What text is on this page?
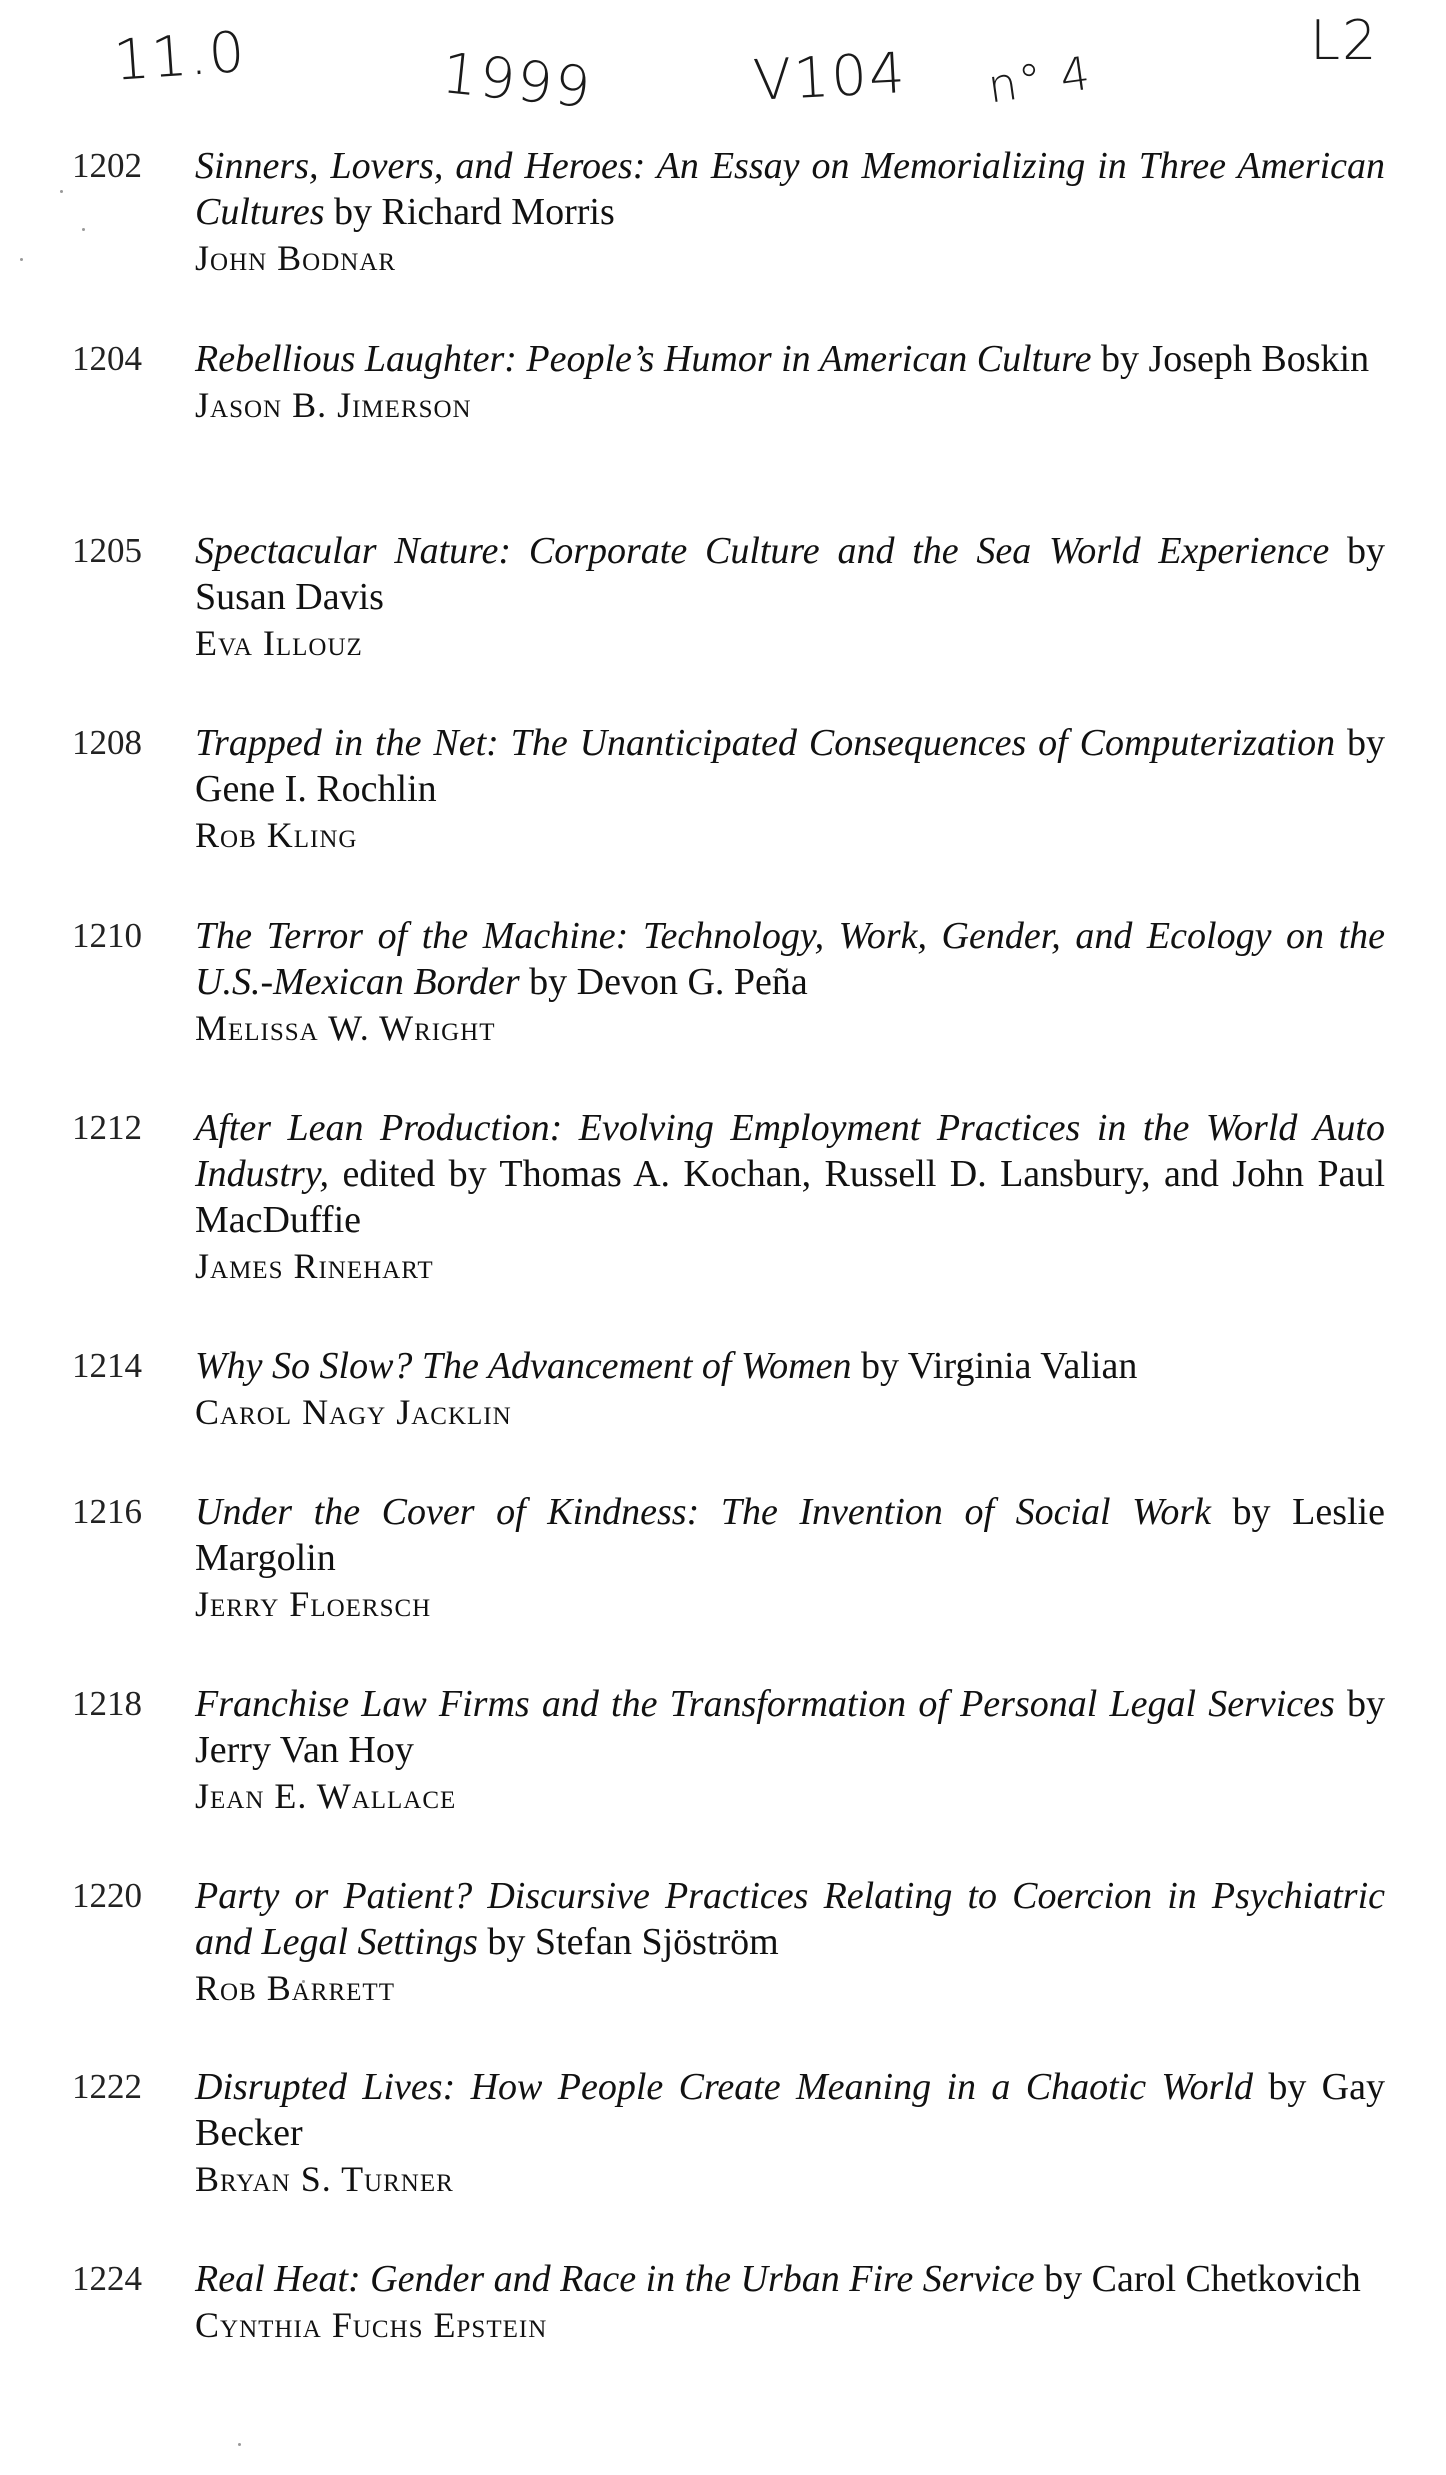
11.0	1999	V104 n° 4
L2
1202 Sinners, Lovers, and Heroes: An Essay on Memorializing in Three American Cultures by Richard Morris
John Bodnar
1204 Rebellious Laughter: People’s Humor in American Culture by Joseph Boskin
Jason B. Jimerson
1205 Spectacular Nature: Corporate Culture and the Sea World Experience by Susan Davis
Eva Illouz
1208 Trapped in the Net: The Unanticipated Consequences of Computerization by Gene I. Rochlin
Rob Kling
1210 The Terror of the Machine: Technology, Work, Gender, and Ecology on the U.S.-Mexican Border by Devon G. Peña
Melissa W. Wright
1212 After Lean Production: Evolving Employment Practices in the World Auto Industry, edited by Thomas A. Kochan, Russell D. Lansbury, and John Paul MacDuffie
James Rinehart
1214 Why So Slow? The Advancement of Women by Virginia Valian
Carol Nagy Jacklin
1216 Under the Cover of Kindness: The Invention of Social Work by Leslie Margolin
Jerry Floersch
1218 Franchise Law Firms and the Transformation of Personal Legal Services by Jerry Van Hoy
Jean E. Wallace
1220 Party or Patient? Discursive Practices Relating to Coercion in Psychiatric and Legal Settings by Stefan Sjöström
Rob Barrett
1222 Disrupted Lives: How People Create Meaning in a Chaotic World by Gay Becker
Bryan S. Turner
1224 Real Heat: Gender and Race in the Urban Fire Service by Carol Chetkovich
Cynthia Fuchs Epstein
